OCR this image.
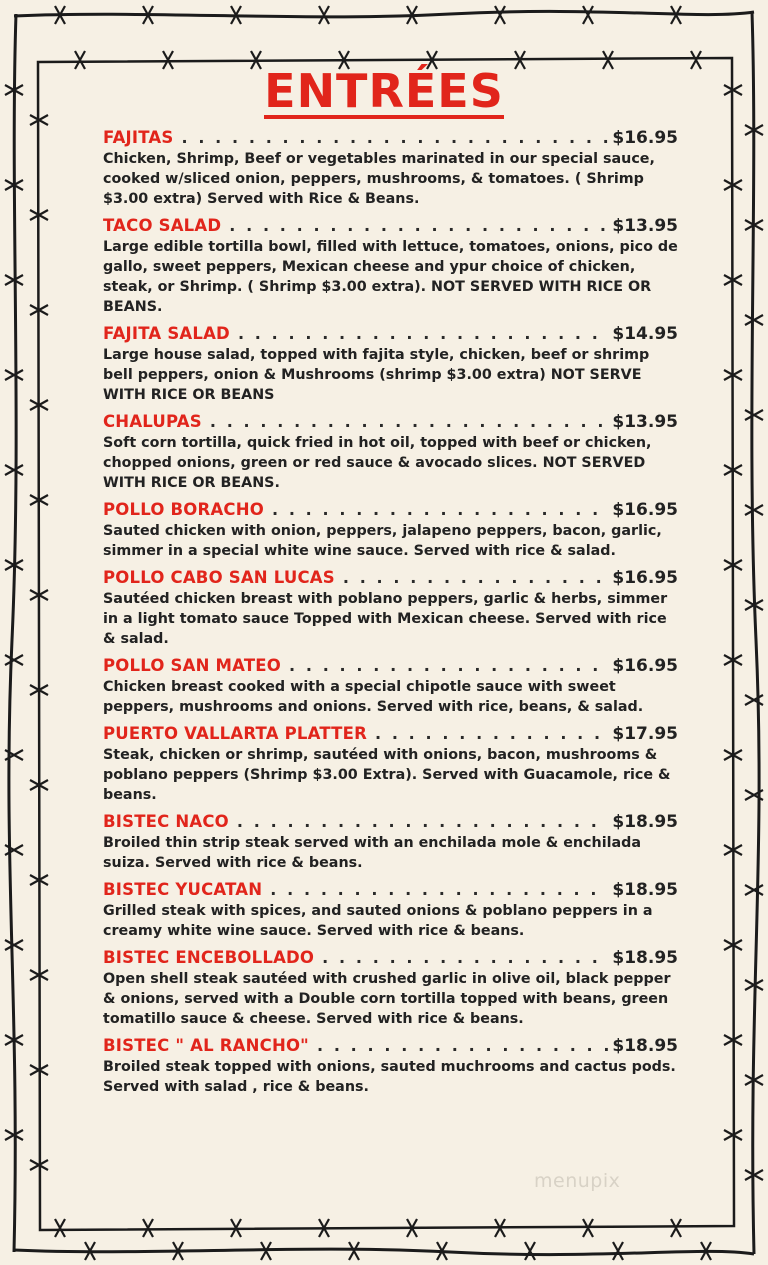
ENTRÉES
FAJITAS . . .	$16.95
Chicken, Shrimp, Beef or vegetables marinated in our special sauce, cooked w/sliced onion, peppers, mushrooms, & tomatoes. ( Shrimp $3.00 extra) Served with Rice & Beans.
TACO SALAD . . .	$13.95
Large edible tortilla bowl, filled with lettuce, tomatoes, onions, pico de gallo, sweet peppers, Mexican cheese and ypur choice of chicken, steak, or Shrimp. ( Shrimp $3.00 extra). NOT SERVED WITH RICE OR BEANS.
FAJITA SALAD . . .	$14.95
Large house salad, topped with fajita style, chicken, beef or shrimp bell peppers, onion & Mushrooms (shrimp $3.00 extra) NOT SERVE WITH RICE OR BEANS
CHALUPAS . . .	$13.95
Soft corn tortilla, quick fried in hot oil, topped with beef or chicken, chopped onions, green or red sauce & avocado slices. NOT SERVED WITH RICE OR BEANS.
POLLO BORACHO . . .	$16.95
Sauted chicken with onion, peppers, jalapeno peppers, bacon, garlic, simmer in a special white wine sauce. Served with rice & salad.
POLLO CABO SAN LUCAS . . .	$16.95
Sautéed chicken breast with poblano peppers, garlic & herbs, simmer in a light tomato sauce Topped with Mexican cheese. Served with rice & salad.
POLLO SAN MATEO . . .	$16.95
Chicken breast cooked with a special chipotle sauce with sweet peppers, mushrooms and onions. Served with rice, beans, & salad.
PUERTO VALLARTA PLATTER . . .	$17.95
Steak, chicken or shrimp, sautéed with onions, bacon, mushrooms & poblano peppers (Shrimp $3.00 Extra). Served with Guacamole, rice & beans.
BISTEC NACO . . .	$18.95
Broiled thin strip steak served with an enchilada mole & enchilada suiza. Served with rice & beans.
BISTEC YUCATAN . . .	$18.95
Grilled steak with spices, and sauted onions & poblano peppers in a creamy white wine sauce. Served with rice & beans.
BISTEC ENCEBOLLADO . . .	$18.95
Open shell steak sautéed with crushed garlic in olive oil, black pepper & onions, served with a Double corn tortilla topped with beans, green tomatillo sauce & cheese. Served with rice & beans.
BISTEC " AL RANCHO" . . .	$18.95
Broiled steak topped with onions, sauted muchrooms and cactus pods. Served with salad , rice & beans.
menupix
